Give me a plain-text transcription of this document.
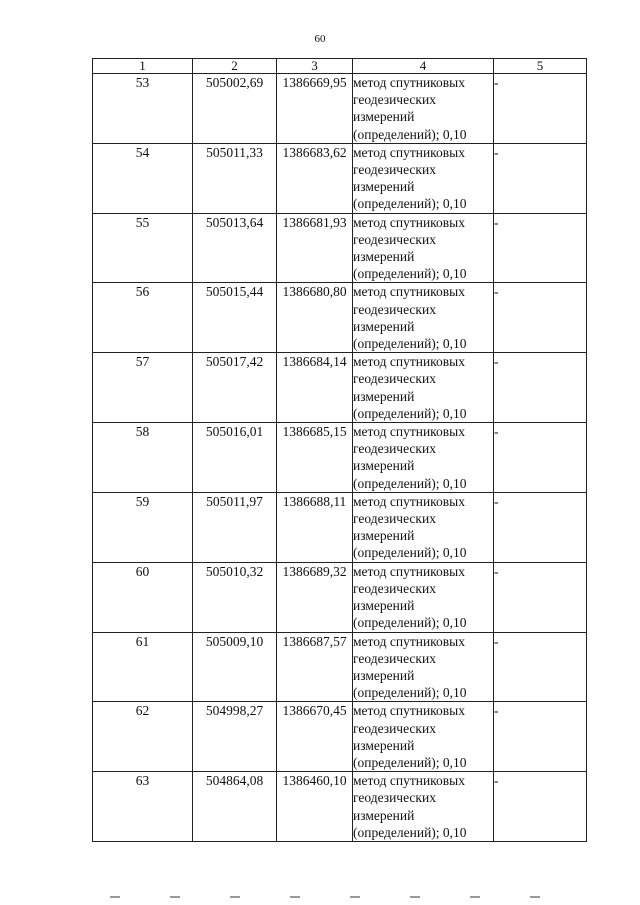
60
1	2	3	4	5
53	505002,69	1386669,95	метод спутниковых геодезических измерений (определений); 0,10	-
54	505011,33	1386683,62	метод спутниковых геодезических измерений (определений); 0,10	-
55	505013,64	1386681,93	метод спутниковых геодезических измерений (определений); 0,10	-
56	505015,44	1386680,80	метод спутниковых геодезических измерений (определений); 0,10	-
57	505017,42	1386684,14	метод спутниковых геодезических измерений (определений); 0,10	-
58	505016,01	1386685,15	метод спутниковых геодезических измерений (определений); 0,10	-
59	505011,97	1386688,11	метод спутниковых геодезических измерений (определений); 0,10	-
60	505010,32	1386689,32	метод спутниковых геодезических измерений (определений); 0,10	-
61	505009,10	1386687,57	метод спутниковых геодезических измерений (определений); 0,10	-
62	504998,27	1386670,45	метод спутниковых геодезических измерений (определений); 0,10	-
63	504864,08	1386460,10	метод спутниковых геодезических измерений (определений); 0,10	-
